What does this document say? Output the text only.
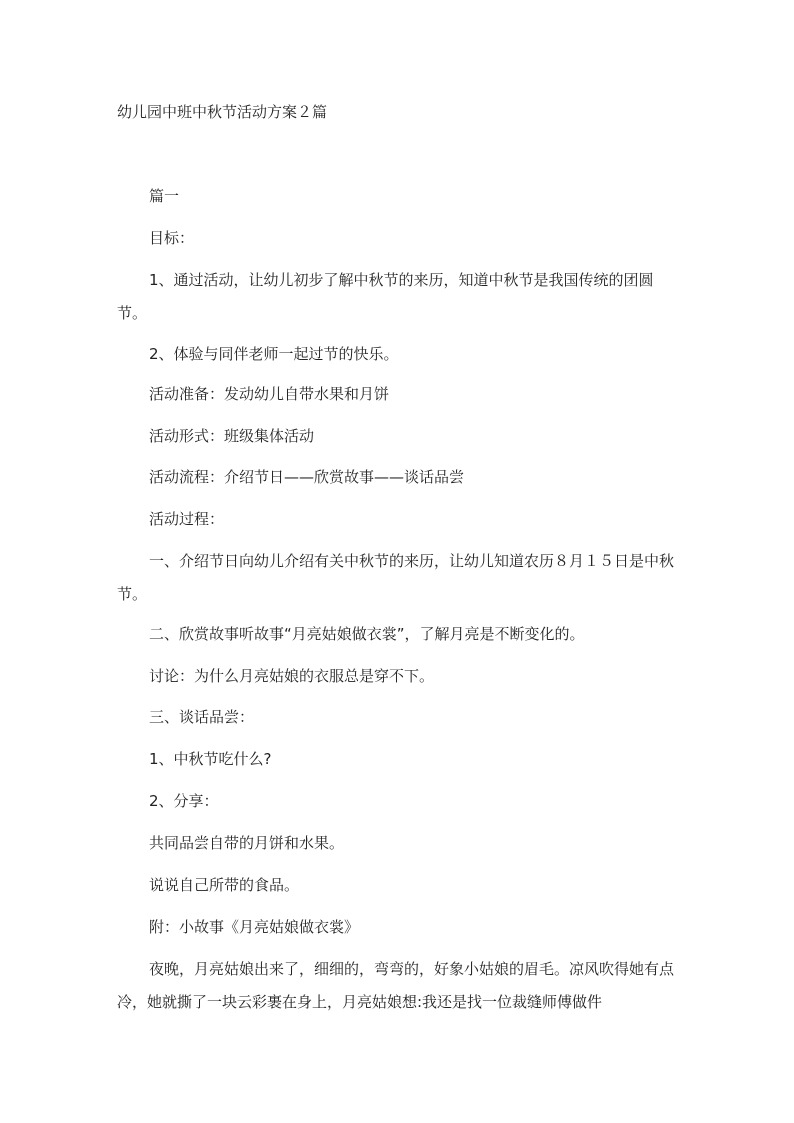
幼儿园中班中秋节活动方案２篇

篇一

目标：

1、通过活动，让幼儿初步了解中秋节的来历，知道中秋节是我国传统的团圆节。

2、体验与同伴老师一起过节的快乐。

活动准备：发动幼儿自带水果和月饼

活动形式：班级集体活动

活动流程：介绍节日——欣赏故事——谈话品尝

活动过程：

一、介绍节日向幼儿介绍有关中秋节的来历，让幼儿知道农历８月１５日是中秋节。

二、欣赏故事听故事“月亮姑娘做衣裳”，了解月亮是不断变化的。

讨论：为什么月亮姑娘的衣服总是穿不下。

三、谈话品尝：

1、中秋节吃什么?

2、分享：

共同品尝自带的月饼和水果。

说说自己所带的食品。

附：小故事《月亮姑娘做衣裳》

夜晚，月亮姑娘出来了，细细的，弯弯的，好象小姑娘的眉毛。凉风吹得她有点冷，她就撕了一块云彩裹在身上，月亮姑娘想:我还是找一位裁缝师傅做件
